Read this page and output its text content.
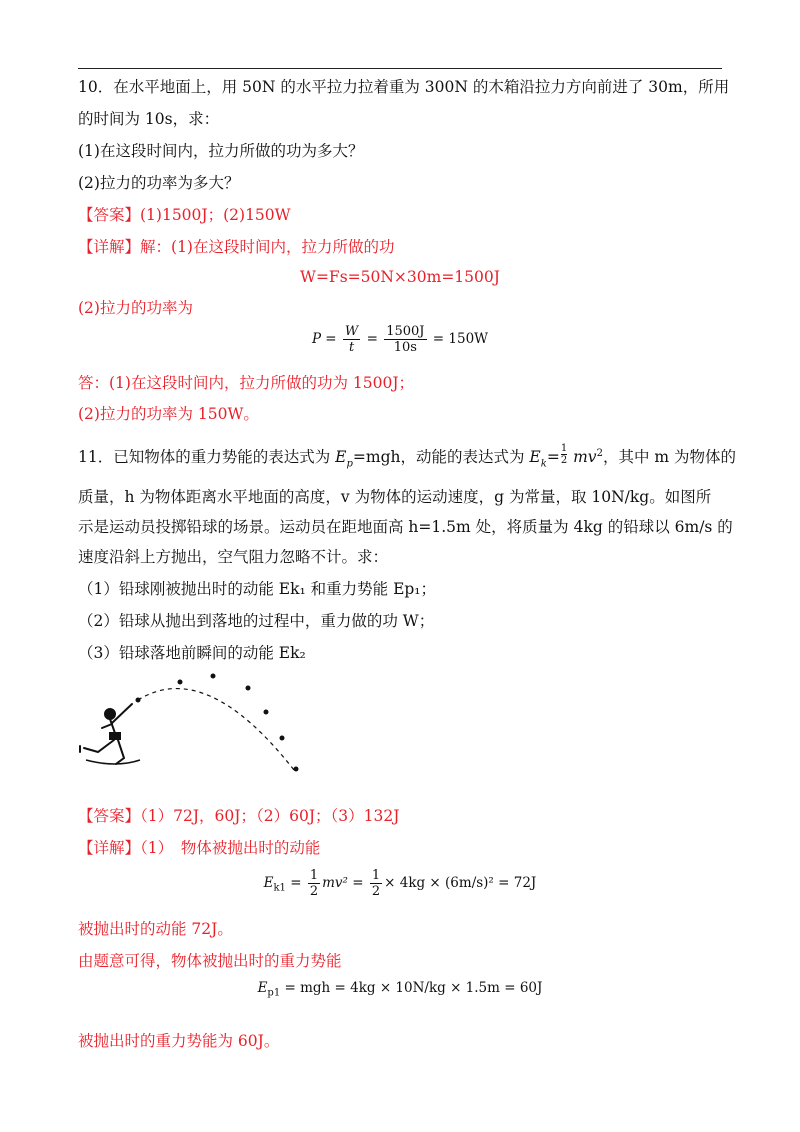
10．在水平地面上，用 50N 的水平拉力拉着重为 300N 的木箱沿拉力方向前进了 30m，所用
的时间为 10s，求：
(1)在这段时间内，拉力所做的功为多大？
(2)拉力的功率为多大？
【答案】(1)1500J；(2)150W
【详解】解：(1)在这段时间内，拉力所做的功
W=Fs=50N×30m=1500J
(2)拉力的功率为
$P = \frac{W}{t} = \frac{1500J}{10s} = 150W$
答：(1)在这段时间内，拉力所做的功为 1500J；
(2)拉力的功率为 150W。
11．已知物体的重力势能的表达式为 $E_p=mgh$，动能的表达式为 $E_k= \frac{1}{2} mv^2$，其中 m 为物体的
质量，h 为物体距离水平地面的高度，v 为物体的运动速度，g 为常量，取 10N/kg。如图所
示是运动员投掷铅球的场景。运动员在距地面高 h=1.5m 处，将质量为 4kg 的铅球以 6m/s 的
速度沿斜上方抛出，空气阻力忽略不计。求：
（1）铅球刚被抛出时的动能 Ek₁ 和重力势能 Ep₁；
（2）铅球从抛出到落地的过程中，重力做的功 W；
（3）铅球落地前瞬间的动能 Ek₂
【答案】（1）72J，60J；（2）60J；（3）132J
【详解】（1）　物体被抛出时的动能
$E_{k1} = \frac{1}{2} mv^2 = \frac{1}{2} \times 4kg \times (6m/s)^2 = 72J$
被抛出时的动能 72J。
由题意可得，物体被抛出时的重力势能
$E_{p1}$ = mgh = 4kg × 10N/kg × 1.5m = 60J
被抛出时的重力势能为 60J。
